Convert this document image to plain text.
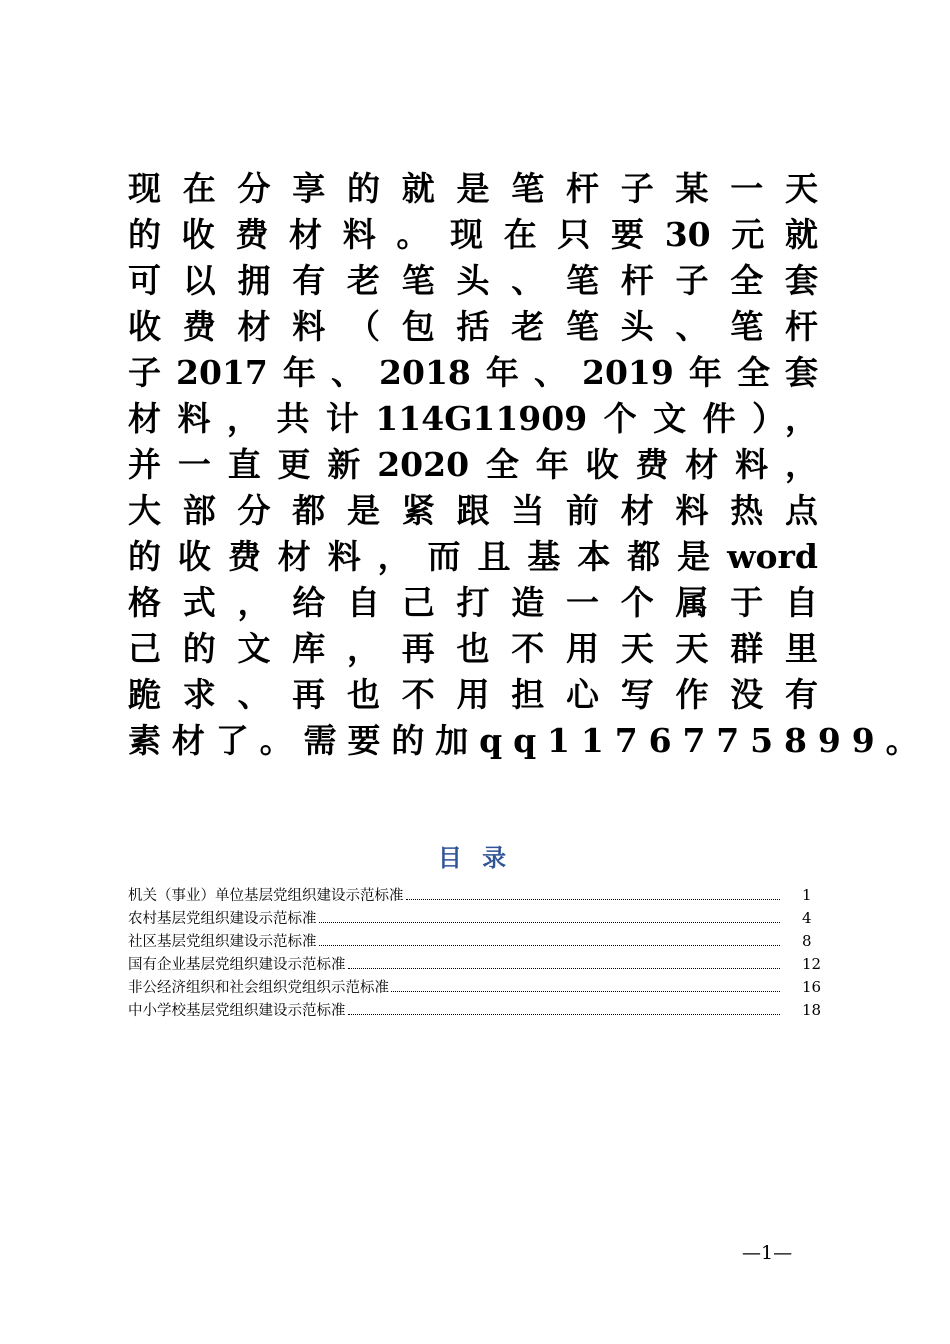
现在分享的就是笔杆子某一天
的收费材料。现在只要30元就
可以拥有老笔头、笔杆子全套
收费材料（包括老笔头、笔杆
子2017年、2018年、2019年全套
材料，共计114G11909个文件），
并一直更新2020全年收费材料，
大部分都是紧跟当前材料热点
的收费材料，而且基本都是word
格式，给自己打造一个属于自
己的文库，再也不用天天群里
跪求、再也不用担心写作没有
素材了。需要的加qq1176775899。
目 录
机关（事业）单位基层党组织建设示范标准	1
农村基层党组织建设示范标准	4
社区基层党组织建设示范标准	8
国有企业基层党组织建设示范标准	12
非公经济组织和社会组织党组织示范标准	16
中小学校基层党组织建设示范标准	18
—1—
